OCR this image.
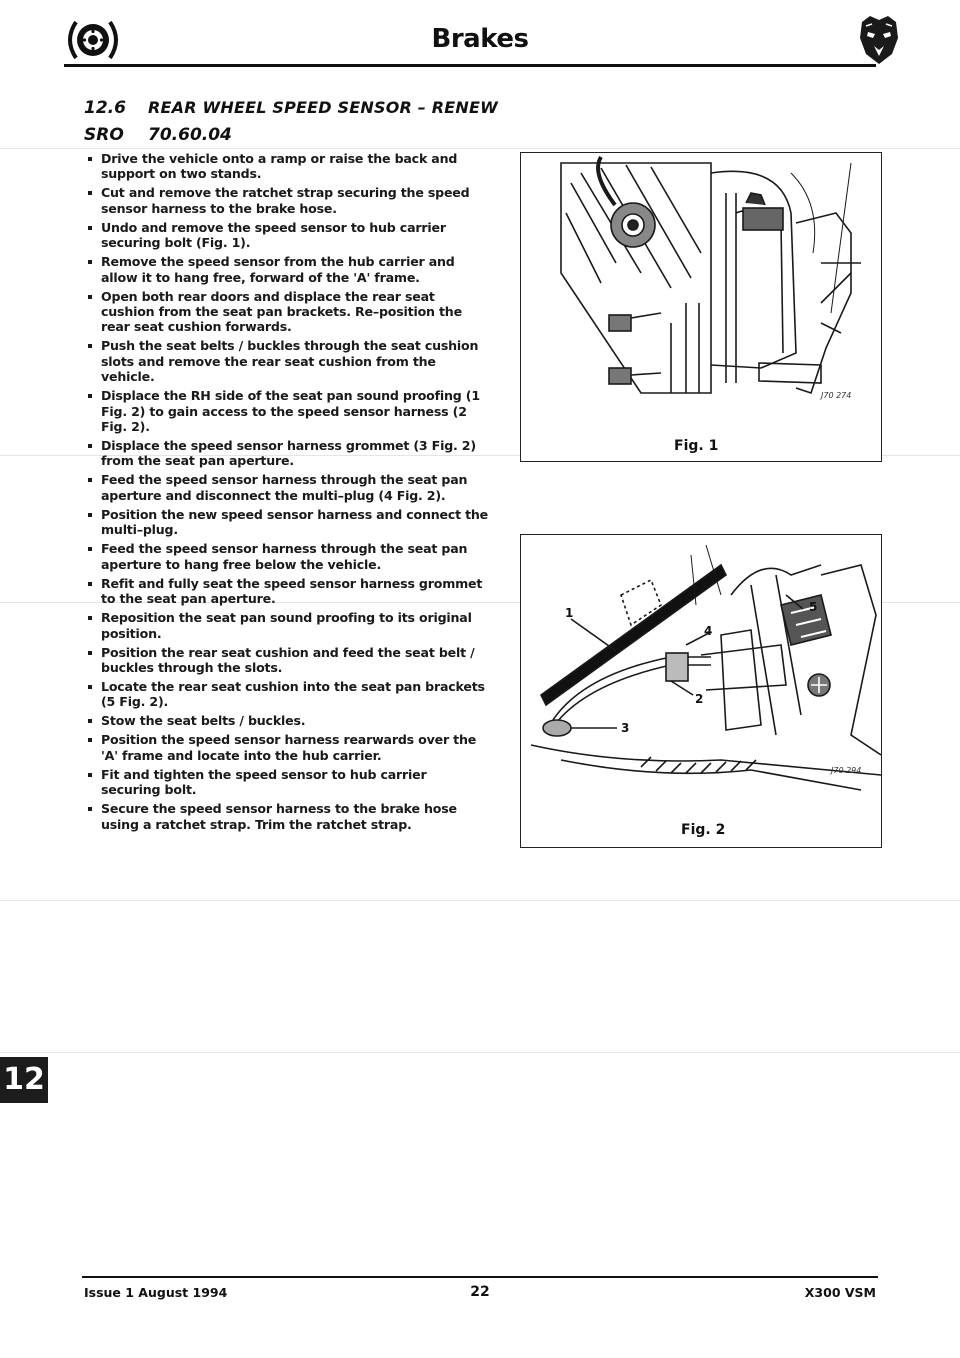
Brakes
12.6 REAR WHEEL SPEED SENSOR – RENEW
SRO 70.60.04
Drive the vehicle onto a ramp or raise the back and support on two stands.
Cut and remove the ratchet strap securing the speed sensor harness to the brake hose.
Undo and remove the speed sensor to hub carrier securing bolt (Fig. 1).
Remove the speed sensor from the hub carrier and allow it to hang free, forward of the 'A' frame.
Open both rear doors and displace the rear seat cushion from the seat pan brackets. Re–position the rear seat cushion forwards.
Push the seat belts / buckles through the seat cushion slots and remove the rear seat cushion from the vehicle.
Displace the RH side of the seat pan sound proofing (1 Fig. 2) to gain access to the speed sensor harness (2 Fig. 2).
Displace the speed sensor harness grommet (3 Fig. 2) from the seat pan aperture.
Feed the speed sensor harness through the seat pan aperture and disconnect the multi–plug (4 Fig. 2).
Position the new speed sensor harness and connect the multi–plug.
Feed the speed sensor harness through the seat pan aperture to hang free below the vehicle.
Refit and fully seat the speed sensor harness grommet to the seat pan aperture.
Reposition the seat pan sound proofing to its original position.
Position the rear seat cushion and feed the seat belt / buckles through the slots.
Locate the rear seat cushion into the seat pan brackets (5 Fig. 2).
Stow the seat belts / buckles.
Position the speed sensor harness rearwards over the 'A' frame and locate into the hub carrier.
Fit and tighten the speed sensor to hub carrier securing bolt.
Secure the speed sensor harness to the brake hose using a ratchet strap. Trim the ratchet strap.
J70 274
Fig. 1
1
2
3
4
5
J70 294
Fig. 2
12
Issue 1 August 1994	22	X300 VSM
